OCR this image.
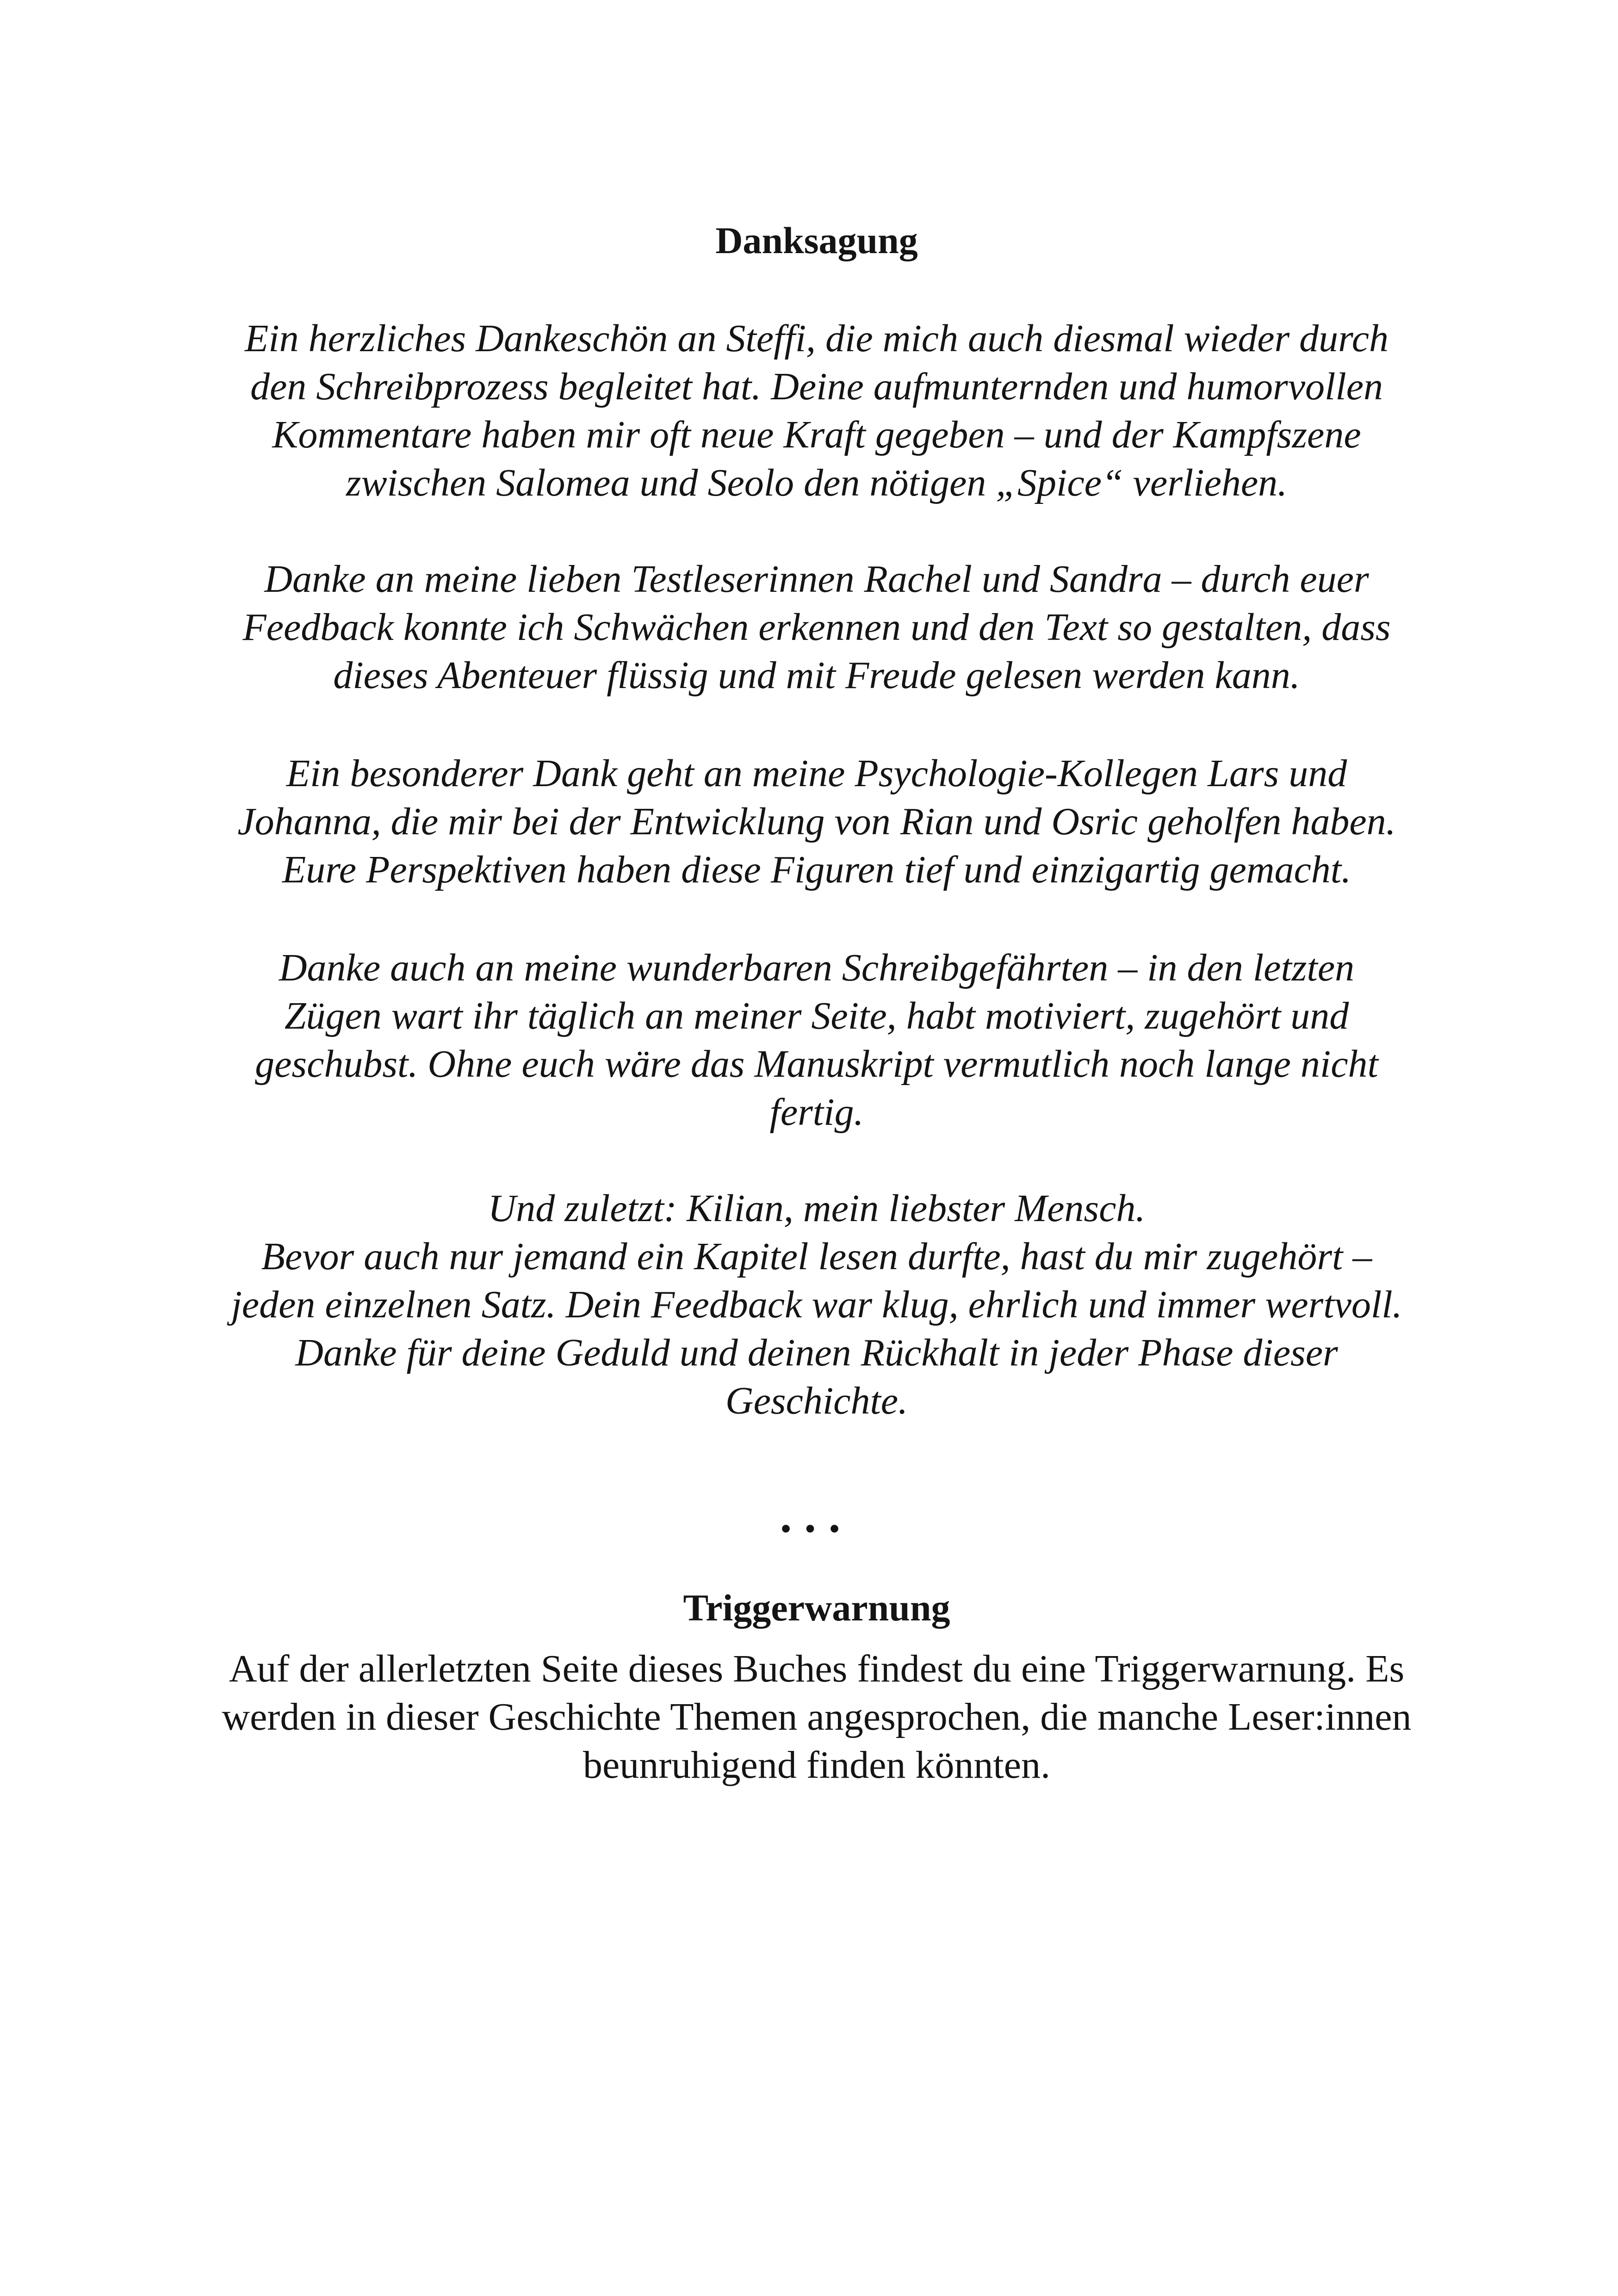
Danksagung

Ein herzliches Dankeschön an Steffi, die mich auch diesmal wieder durch
den Schreibprozess begleitet hat. Deine aufmunternden und humorvollen
Kommentare haben mir oft neue Kraft gegeben – und der Kampfszene
zwischen Salomea und Seolo den nötigen „Spice“ verliehen.

Danke an meine lieben Testleserinnen Rachel und Sandra – durch euer
Feedback konnte ich Schwächen erkennen und den Text so gestalten, dass
dieses Abenteuer flüssig und mit Freude gelesen werden kann.

Ein besonderer Dank geht an meine Psychologie-Kollegen Lars und
Johanna, die mir bei der Entwicklung von Rian und Osric geholfen haben.
Eure Perspektiven haben diese Figuren tief und einzigartig gemacht.

Danke auch an meine wunderbaren Schreibgefährten – in den letzten
Zügen wart ihr täglich an meiner Seite, habt motiviert, zugehört und
geschubst. Ohne euch wäre das Manuskript vermutlich noch lange nicht
fertig.

Und zuletzt: Kilian, mein liebster Mensch.
Bevor auch nur jemand ein Kapitel lesen durfte, hast du mir zugehört –
jeden einzelnen Satz. Dein Feedback war klug, ehrlich und immer wertvoll.
Danke für deine Geduld und deinen Rückhalt in jeder Phase dieser
Geschichte.

•••

Triggerwarnung

Auf der allerletzten Seite dieses Buches findest du eine Triggerwarnung. Es
werden in dieser Geschichte Themen angesprochen, die manche Leser:innen
beunruhigend finden könnten.
